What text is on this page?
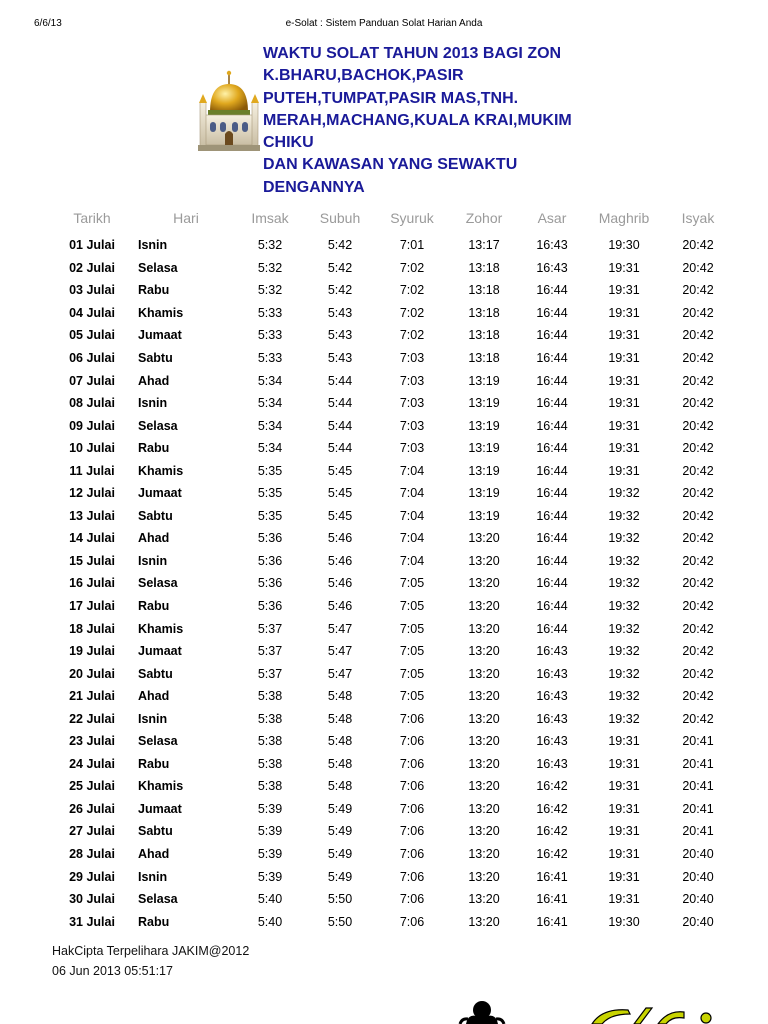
6/6/13	e-Solat : Sistem Panduan Solat Harian Anda
WAKTU SOLAT TAHUN 2013 BAGI ZON
K.BHARU,BACHOK,PASIR
PUTEH,TUMPAT,PASIR MAS,TNH.
MERAH,MACHANG,KUALA KRAI,MUKIM
CHIKU
DAN KAWASAN YANG SEWAKTU
DENGANNYA
Tarikh	Hari	Imsak	Subuh	Syuruk	Zohor	Asar	Maghrib	Isyak
01 Julai	Isnin	5:32	5:42	7:01	13:17	16:43	19:30	20:42
02 Julai	Selasa	5:32	5:42	7:02	13:18	16:43	19:31	20:42
03 Julai	Rabu	5:32	5:42	7:02	13:18	16:44	19:31	20:42
04 Julai	Khamis	5:33	5:43	7:02	13:18	16:44	19:31	20:42
05 Julai	Jumaat	5:33	5:43	7:02	13:18	16:44	19:31	20:42
06 Julai	Sabtu	5:33	5:43	7:03	13:18	16:44	19:31	20:42
07 Julai	Ahad	5:34	5:44	7:03	13:19	16:44	19:31	20:42
08 Julai	Isnin	5:34	5:44	7:03	13:19	16:44	19:31	20:42
09 Julai	Selasa	5:34	5:44	7:03	13:19	16:44	19:31	20:42
10 Julai	Rabu	5:34	5:44	7:03	13:19	16:44	19:31	20:42
11 Julai	Khamis	5:35	5:45	7:04	13:19	16:44	19:31	20:42
12 Julai	Jumaat	5:35	5:45	7:04	13:19	16:44	19:32	20:42
13 Julai	Sabtu	5:35	5:45	7:04	13:19	16:44	19:32	20:42
14 Julai	Ahad	5:36	5:46	7:04	13:20	16:44	19:32	20:42
15 Julai	Isnin	5:36	5:46	7:04	13:20	16:44	19:32	20:42
16 Julai	Selasa	5:36	5:46	7:05	13:20	16:44	19:32	20:42
17 Julai	Rabu	5:36	5:46	7:05	13:20	16:44	19:32	20:42
18 Julai	Khamis	5:37	5:47	7:05	13:20	16:44	19:32	20:42
19 Julai	Jumaat	5:37	5:47	7:05	13:20	16:43	19:32	20:42
20 Julai	Sabtu	5:37	5:47	7:05	13:20	16:43	19:32	20:42
21 Julai	Ahad	5:38	5:48	7:05	13:20	16:43	19:32	20:42
22 Julai	Isnin	5:38	5:48	7:06	13:20	16:43	19:32	20:42
23 Julai	Selasa	5:38	5:48	7:06	13:20	16:43	19:31	20:41
24 Julai	Rabu	5:38	5:48	7:06	13:20	16:43	19:31	20:41
25 Julai	Khamis	5:38	5:48	7:06	13:20	16:42	19:31	20:41
26 Julai	Jumaat	5:39	5:49	7:06	13:20	16:42	19:31	20:41
27 Julai	Sabtu	5:39	5:49	7:06	13:20	16:42	19:31	20:41
28 Julai	Ahad	5:39	5:49	7:06	13:20	16:42	19:31	20:40
29 Julai	Isnin	5:39	5:49	7:06	13:20	16:41	19:31	20:40
30 Julai	Selasa	5:40	5:50	7:06	13:20	16:41	19:31	20:40
31 Julai	Rabu	5:40	5:50	7:06	13:20	16:41	19:30	20:40
HakCipta Terpelihara JAKIM@2012
06 Jun 2013 05:51:17
